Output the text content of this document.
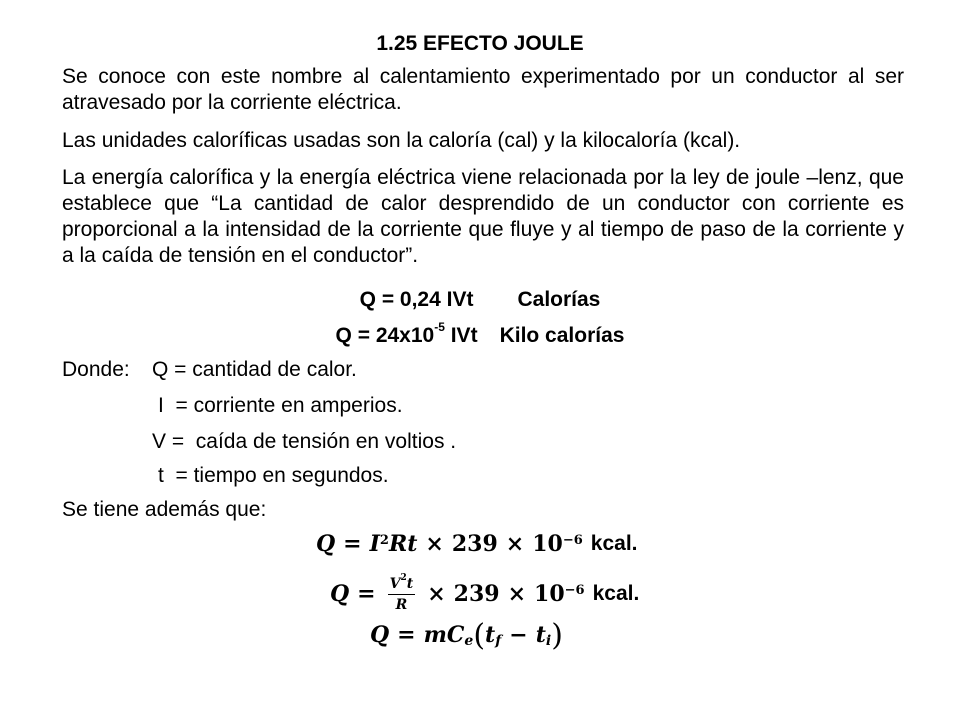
1.25 EFECTO JOULE
Se conoce con este nombre al calentamiento experimentado por un conductor al ser atravesado por la corriente eléctrica.
Las unidades caloríficas usadas son la caloría (cal) y la kilocaloría (kcal).
La energía calorífica y la energía eléctrica viene relacionada por la ley de joule –lenz, que establece que “La cantidad de calor desprendido de un conductor con corriente es proporcional a la intensidad de la corriente que fluye y al tiempo de paso de la corriente y a la caída de tensión en el conductor”.
Q = 0,24 IVt Calorías
$Q = 24x10^{-5}$ IVt Kilo calorías
Donde: Q = cantidad de calor.
I  = corriente en amperios.
V =  caída de tensión en voltios .
t  = tiempo en segundos.
Se tiene además que:
$Q = I^2$ $Rt \times 239 \times 10^{-6}$ kcal.
$Q = \frac{V^2t}{R} \times 239 \times 10^{-6}$ kcal.
Q = mC e ( t f − t i )
